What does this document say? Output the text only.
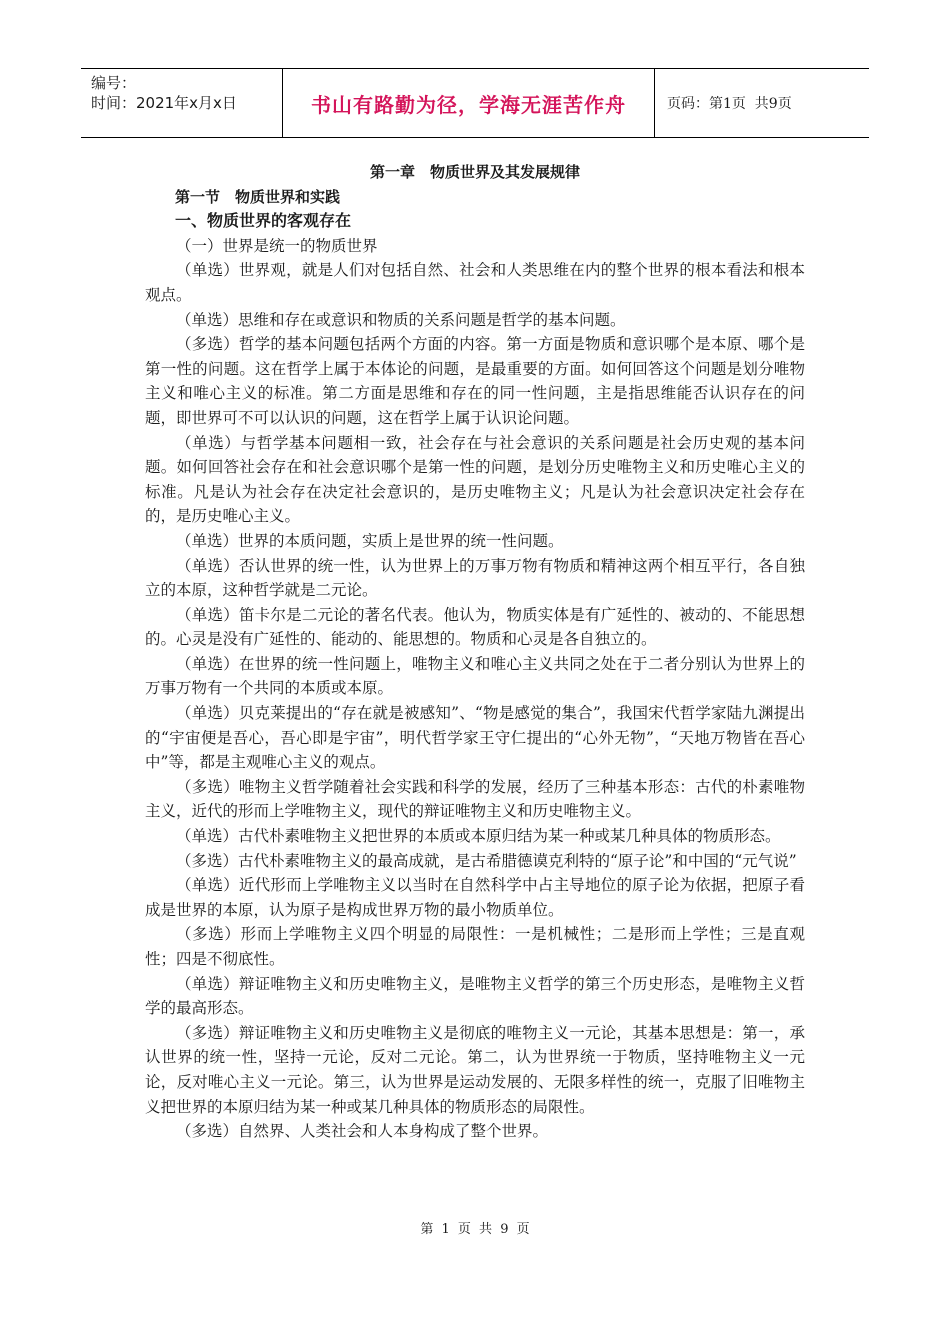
编号：
时间：2021年x月x日	书山有路勤为径，学海无涯苦作舟	页码：第1页  共9页
第一章　物质世界及其发展规律
第一节　物质世界和实践
一、物质世界的客观存在
（一）世界是统一的物质世界

（单选）世界观，就是人们对包括自然、社会和人类思维在内的整个世界的根本看法和根本观点。

（单选）思维和存在或意识和物质的关系问题是哲学的基本问题。

（多选）哲学的基本问题包括两个方面的内容。第一方面是物质和意识哪个是本原、哪个是第一性的问题。这在哲学上属于本体论的问题，是最重要的方面。如何回答这个问题是划分唯物主义和唯心主义的标准。第二方面是思维和存在的同一性问题，主是指思维能否认识存在的问题，即世界可不可以认识的问题，这在哲学上属于认识论问题。

（单选）与哲学基本问题相一致，社会存在与社会意识的关系问题是社会历史观的基本问题。如何回答社会存在和社会意识哪个是第一性的问题，是划分历史唯物主义和历史唯心主义的标准。凡是认为社会存在决定社会意识的，是历史唯物主义；凡是认为社会意识决定社会存在的，是历史唯心主义。

（单选）世界的本质问题，实质上是世界的统一性问题。

（单选）否认世界的统一性，认为世界上的万事万物有物质和精神这两个相互平行，各自独立的本原，这种哲学就是二元论。

（单选）笛卡尔是二元论的著名代表。他认为，物质实体是有广延性的、被动的、不能思想的。心灵是没有广延性的、能动的、能思想的。物质和心灵是各自独立的。

（单选）在世界的统一性问题上，唯物主义和唯心主义共同之处在于二者分别认为世界上的万事万物有一个共同的本质或本原。

（单选）贝克莱提出的“存在就是被感知”、“物是感觉的集合”，我国宋代哲学家陆九渊提出的“宇宙便是吾心，吾心即是宇宙”，明代哲学家王守仁提出的“心外无物”，“天地万物皆在吾心中”等，都是主观唯心主义的观点。

（多选）唯物主义哲学随着社会实践和科学的发展，经历了三种基本形态：古代的朴素唯物主义，近代的形而上学唯物主义，现代的辩证唯物主义和历史唯物主义。

（单选）古代朴素唯物主义把世界的本质或本原归结为某一种或某几种具体的物质形态。

（多选）古代朴素唯物主义的最高成就，是古希腊德谟克利特的“原子论”和中国的“元气说”

（单选）近代形而上学唯物主义以当时在自然科学中占主导地位的原子论为依据，把原子看成是世界的本原，认为原子是构成世界万物的最小物质单位。

（多选）形而上学唯物主义四个明显的局限性：一是机械性；二是形而上学性；三是直观性；四是不彻底性。

（单选）辩证唯物主义和历史唯物主义，是唯物主义哲学的第三个历史形态，是唯物主义哲学的最高形态。

（多选）辩证唯物主义和历史唯物主义是彻底的唯物主义一元论，其基本思想是：第一，承认世界的统一性，坚持一元论，反对二元论。第二，认为世界统一于物质，坚持唯物主义一元论，反对唯心主义一元论。第三，认为世界是运动发展的、无限多样性的统一，克服了旧唯物主义把世界的本原归结为某一种或某几种具体的物质形态的局限性。

（多选）自然界、人类社会和人本身构成了整个世界。

第 1 页 共 9 页
